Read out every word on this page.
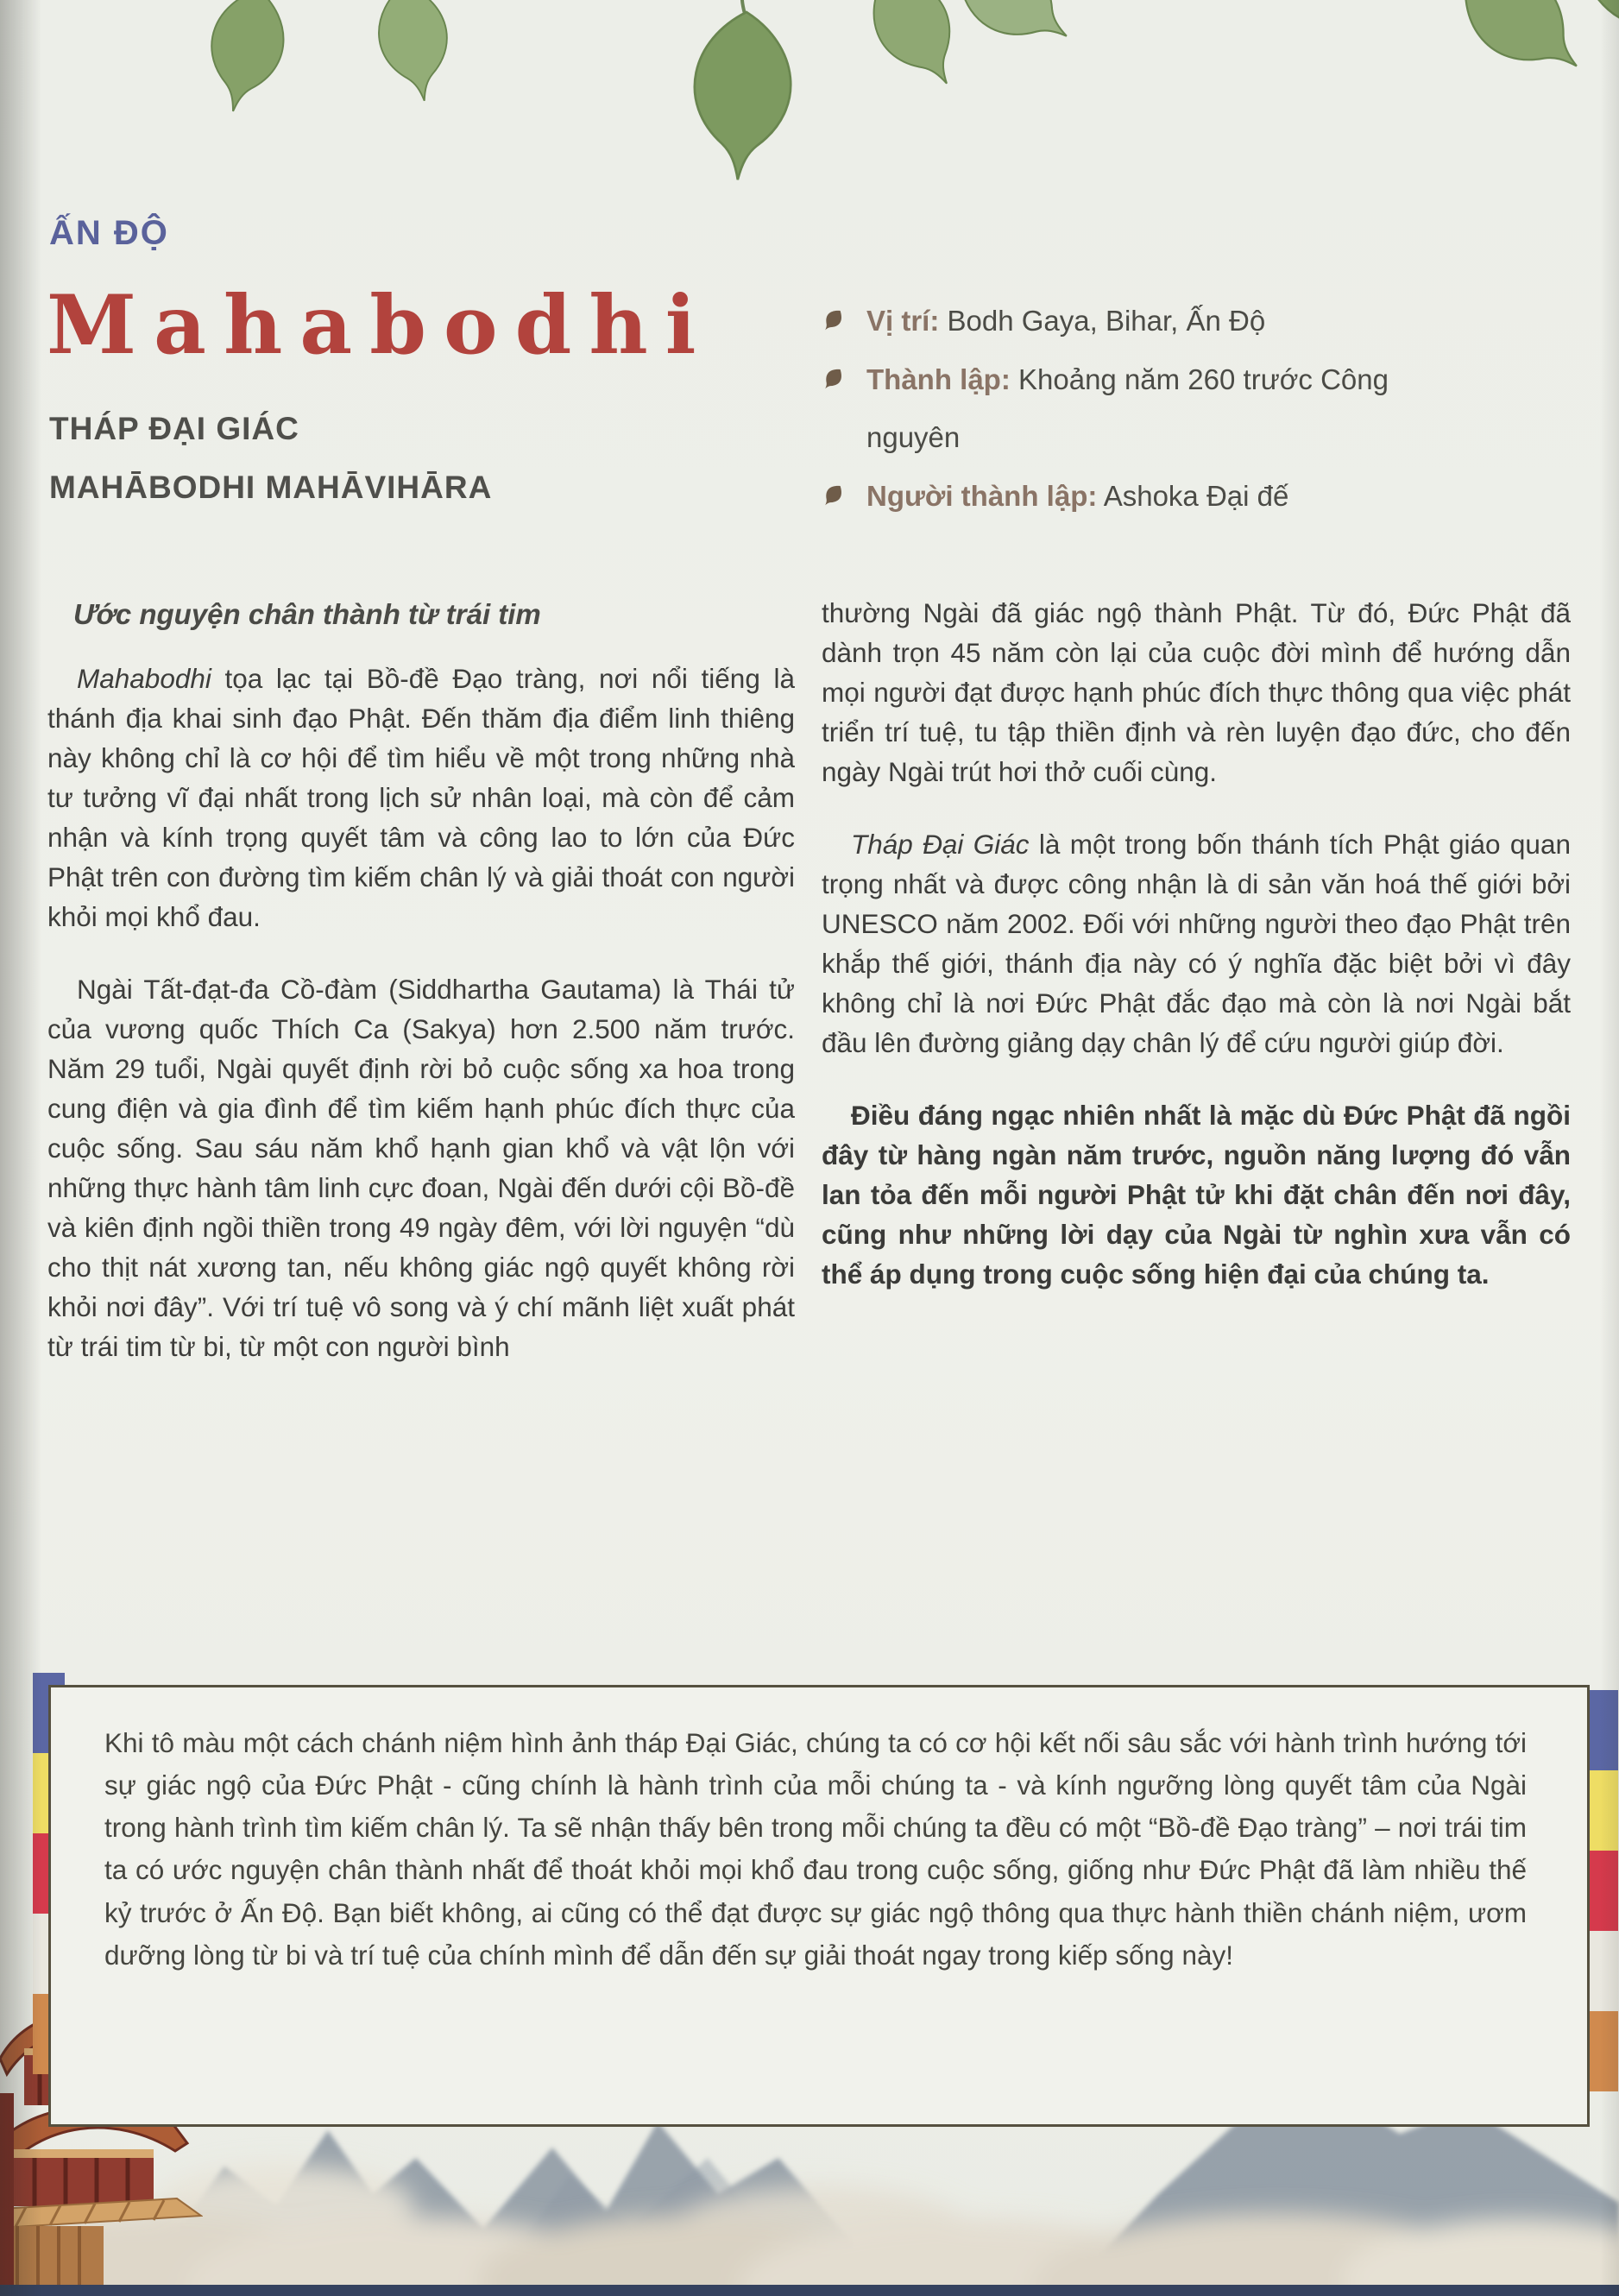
ẤN ĐỘ
Mahabodhi
THÁP ĐẠI GIÁC
MAHĀBODHI MAHĀVIHĀRA
Vị trí: Bodh Gaya, Bihar, Ấn Độ
Thành lập: Khoảng năm 260 trước Công nguyên
Người thành lập: Ashoka Đại đế
Ước nguyện chân thành từ trái tim

Mahabodhi tọa lạc tại Bồ-đề Đạo tràng, nơi nổi tiếng là thánh địa khai sinh đạo Phật. Đến thăm địa điểm linh thiêng này không chỉ là cơ hội để tìm hiểu về một trong những nhà tư tưởng vĩ đại nhất trong lịch sử nhân loại, mà còn để cảm nhận và kính trọng quyết tâm và công lao to lớn của Đức Phật trên con đường tìm kiếm chân lý và giải thoát con người khỏi mọi khổ đau.

Ngài Tất-đạt-đa Cồ-đàm (Siddhartha Gautama) là Thái tử của vương quốc Thích Ca (Sakya) hơn 2.500 năm trước. Năm 29 tuổi, Ngài quyết định rời bỏ cuộc sống xa hoa trong cung điện và gia đình để tìm kiếm hạnh phúc đích thực của cuộc sống. Sau sáu năm khổ hạnh gian khổ và vật lộn với những thực hành tâm linh cực đoan, Ngài đến dưới cội Bồ-đề và kiên định ngồi thiền trong 49 ngày đêm, với lời nguyện “dù cho thịt nát xương tan, nếu không giác ngộ quyết không rời khỏi nơi đây”. Với trí tuệ vô song và ý chí mãnh liệt xuất phát từ trái tim từ bi, từ một con người bình

thường Ngài đã giác ngộ thành Phật. Từ đó, Đức Phật đã dành trọn 45 năm còn lại của cuộc đời mình để hướng dẫn mọi người đạt được hạnh phúc đích thực thông qua việc phát triển trí tuệ, tu tập thiền định và rèn luyện đạo đức, cho đến ngày Ngài trút hơi thở cuối cùng.

Tháp Đại Giác là một trong bốn thánh tích Phật giáo quan trọng nhất và được công nhận là di sản văn hoá thế giới bởi UNESCO năm 2002. Đối với những người theo đạo Phật trên khắp thế giới, thánh địa này có ý nghĩa đặc biệt bởi vì đây không chỉ là nơi Đức Phật đắc đạo mà còn là nơi Ngài bắt đầu lên đường giảng dạy chân lý để cứu người giúp đời.

Điều đáng ngạc nhiên nhất là mặc dù Đức Phật đã ngồi đây từ hàng ngàn năm trước, nguồn năng lượng đó vẫn lan tỏa đến mỗi người Phật tử khi đặt chân đến nơi đây, cũng như những lời dạy của Ngài từ nghìn xưa vẫn có thể áp dụng trong cuộc sống hiện đại của chúng ta.

Khi tô màu một cách chánh niệm hình ảnh tháp Đại Giác, chúng ta có cơ hội kết nối sâu sắc với hành trình hướng tới sự giác ngộ của Đức Phật - cũng chính là hành trình của mỗi chúng ta - và kính ngưỡng lòng quyết tâm của Ngài trong hành trình tìm kiếm chân lý. Ta sẽ nhận thấy bên trong mỗi chúng ta đều có một “Bồ-đề Đạo tràng” – nơi trái tim ta có ước nguyện chân thành nhất để thoát khỏi mọi khổ đau trong cuộc sống, giống như Đức Phật đã làm nhiều thế kỷ trước ở Ấn Độ. Bạn biết không, ai cũng có thể đạt được sự giác ngộ thông qua thực hành thiền chánh niệm, ươm dưỡng lòng từ bi và trí tuệ của chính mình để dẫn đến sự giải thoát ngay trong kiếp sống này!
